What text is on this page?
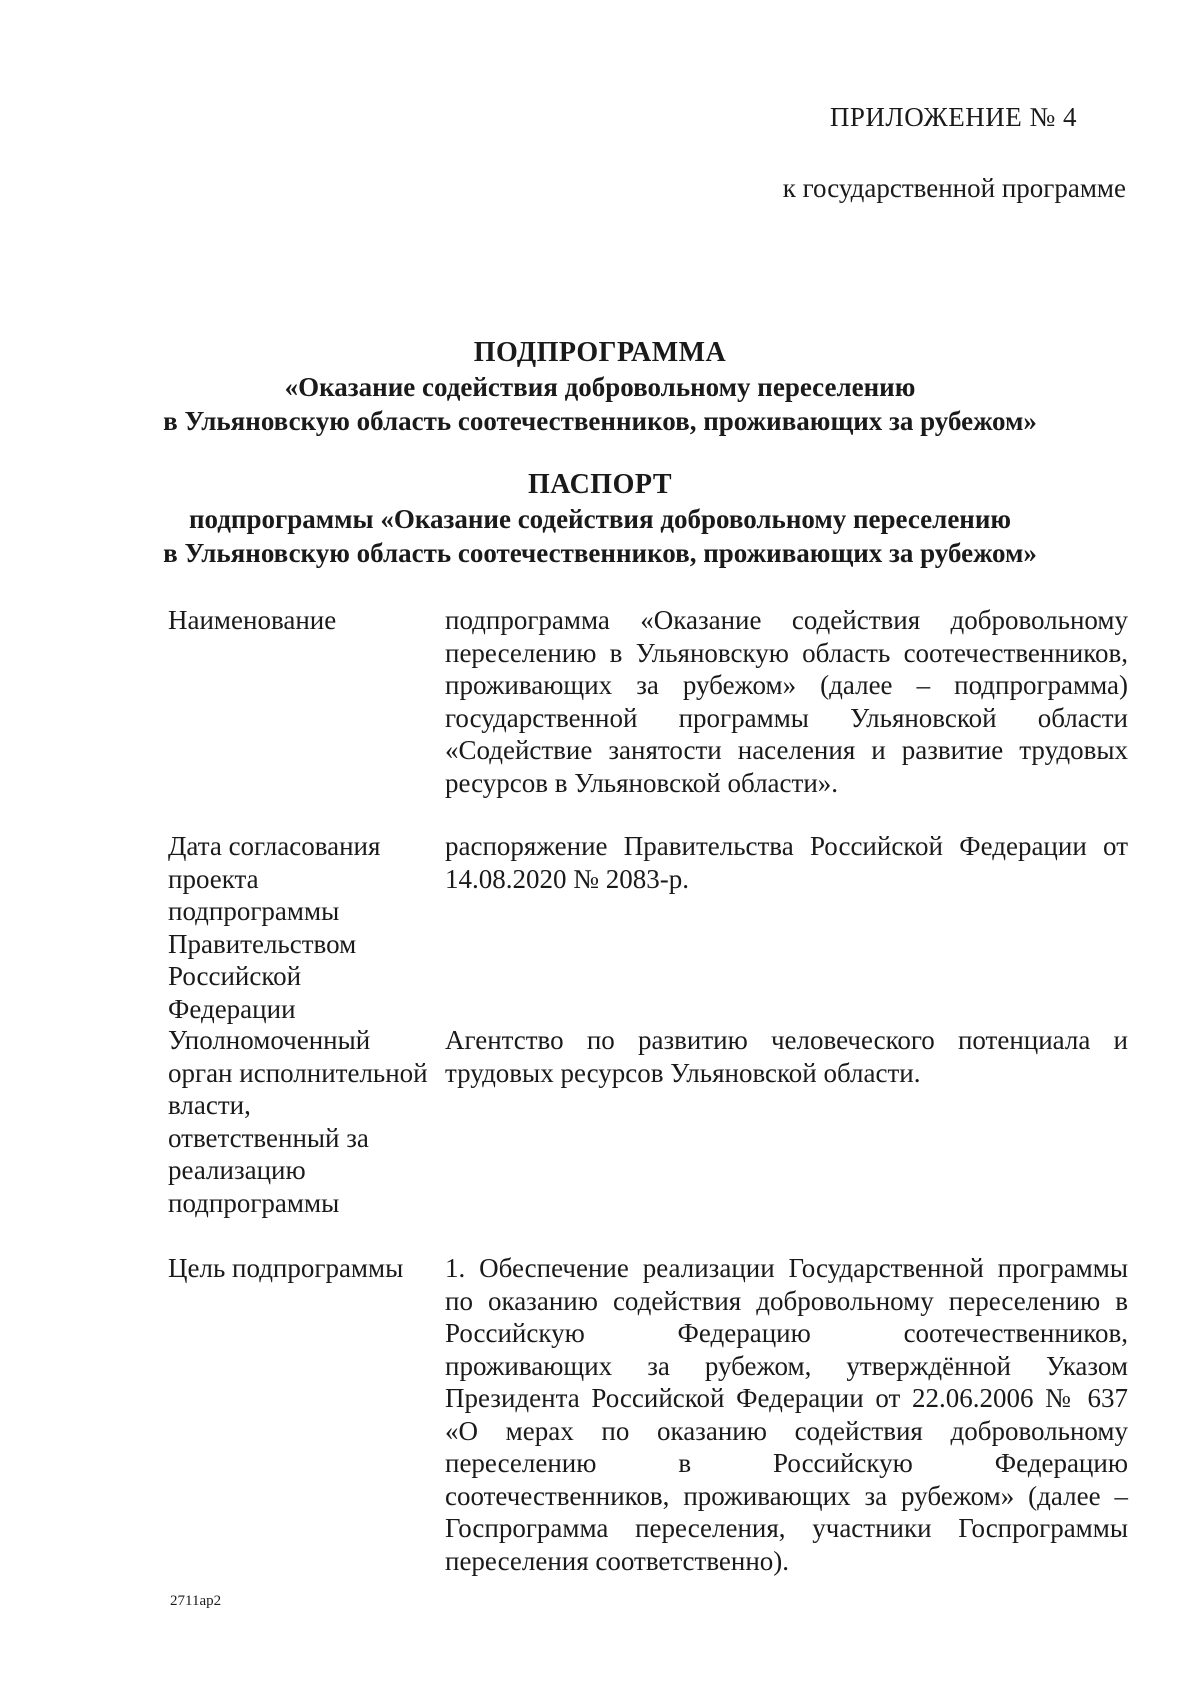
ПРИЛОЖЕНИЕ № 4
к государственной программе
ПОДПРОГРАММА
«Оказание содействия добровольному переселению
в Ульяновскую область соотечественников, проживающих за рубежом»
ПАСПОРТ
подпрограммы «Оказание содействия добровольному переселению
в Ульяновскую область соотечественников, проживающих за рубежом»
Наименование	подпрограмма «Оказание содействия добровольному переселению в Ульяновскую область соотечественников, проживающих за рубежом» (далее – подпрограмма) государственной программы Ульяновской области «Содействие занятости населения и развитие трудовых ресурсов в Ульяновской области».
Дата согласования проекта подпрограммы Правительством Российской Федерации
распоряжение Правительства Российской Федерации от 14.08.2020 № 2083-р.
Уполномоченный орган исполнительной власти, ответственный за реализацию подпрограммы
Агентство по развитию человеческого потенциала и трудовых ресурсов Ульяновской области.
Цель подпрограммы	1. Обеспечение реализации Государственной программы по оказанию содействия добровольному переселению в Российскую Федерацию соотечественников, проживающих за рубежом, утверждённой Указом Президента Российской Федерации от 22.06.2006 № 637 «О мерах по оказанию содействия добровольному переселению в Российскую Федерацию соотечественников, проживающих за рубежом» (далее – Госпрограмма переселения, участники Госпрограммы переселения соответственно).
2711ap2
